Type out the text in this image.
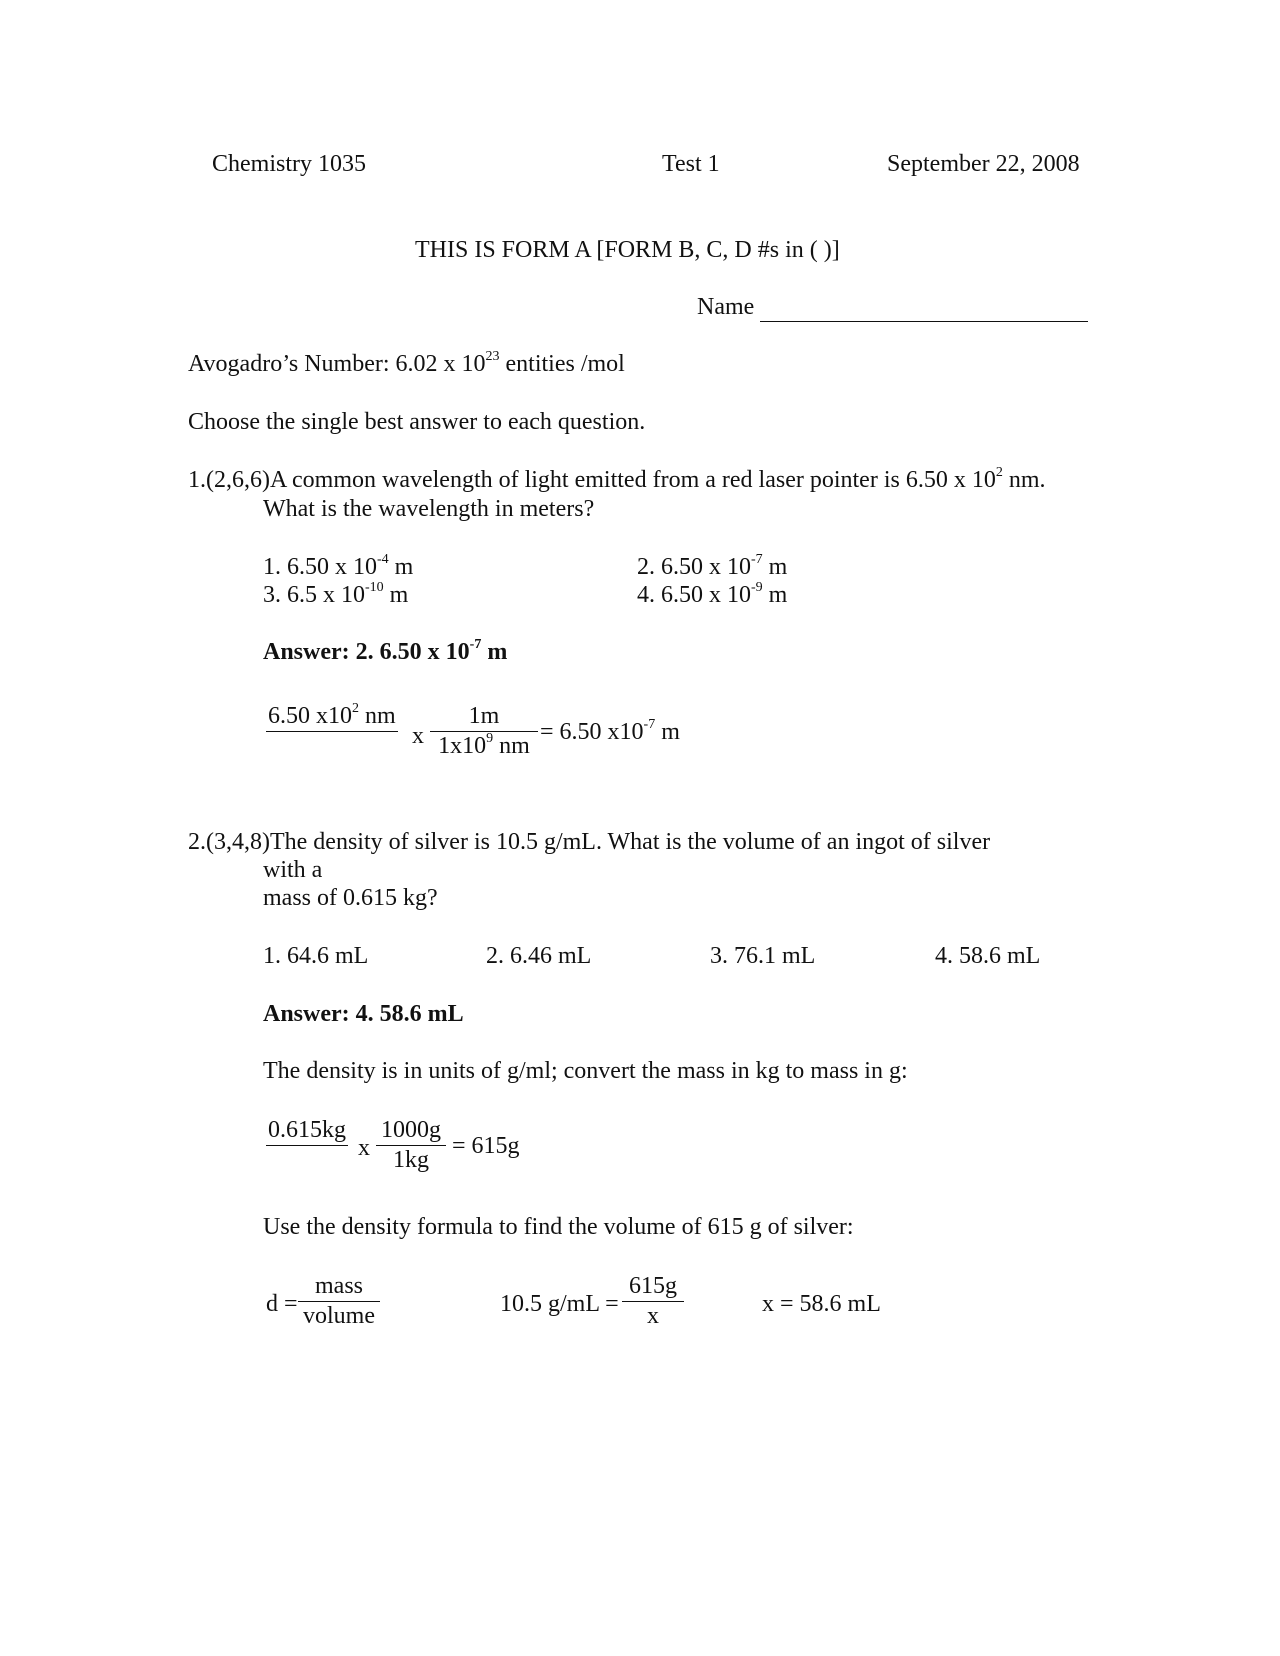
Chemistry 1035	Test 1	September 22, 2008
THIS IS FORM A [FORM B, C, D #s in ( )]
Name
Avogadro’s Number: 6.02 x $10^{23}$ entities /mol
Choose the single best answer to each question.
1.(2,6,6)A common wavelength of light emitted from a red laser pointer is 6.50 x $10^2$ nm.
What is the wavelength in meters?
1. 6.50 x $10^{-4}$ m	2. 6.50 x $10^{-7}$ m
3. 6.5 x $10^{-10}$ m	4. 6.50 x $10^{-9}$ m
Answer: 2. 6.50 x $10^{-7}$ m
6.50 $x10^2$ nm
x
1m
$1x10^9$ nm
= 6.50 $x10^{-7}$ m
2.(3,4,8)The density of silver is 10.5 g/mL. What is the volume of an ingot of silver
with a
mass of 0.615 kg?
1. 64.6 mL	2. 6.46 mL	3. 76.1 mL	4. 58.6 mL
Answer: 4. 58.6 mL
The density is in units of g/ml; convert the mass in kg to mass in g:
0.615kg
x
1000g
1kg
= 615g
Use the density formula to find the volume of 615 g of silver:
d =
mass
volume	10.5 g/mL =
615g
x	x = 58.6 mL
